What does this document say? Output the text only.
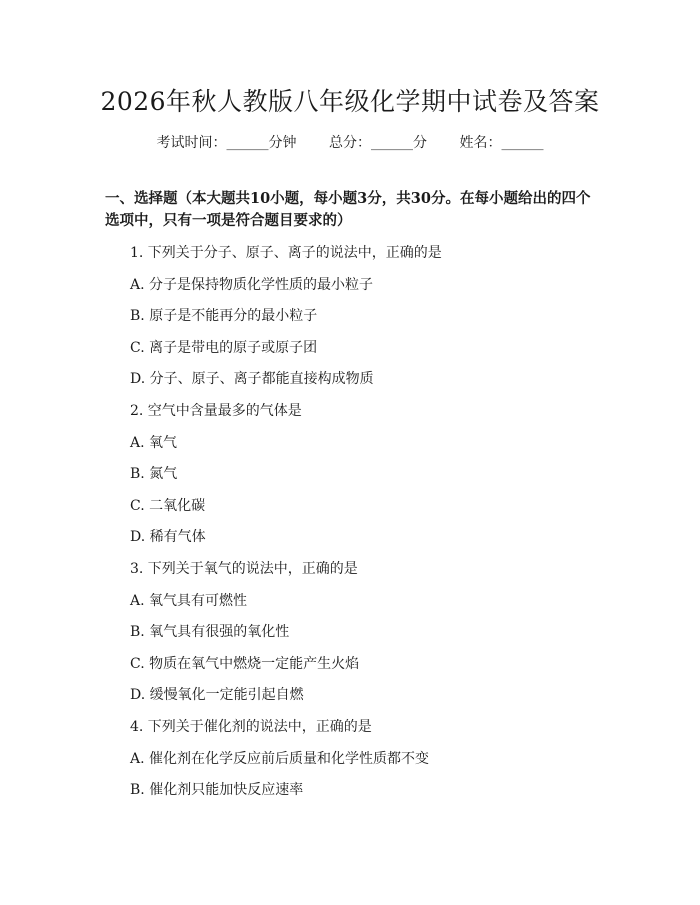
2026年秋人教版八年级化学期中试卷及答案
考试时间：______分钟 总分：______分 姓名：______
一、选择题（本大题共10小题，每小题3分，共30分。在每小题给出的四个选项中，只有一项是符合题目要求的）
1. 下列关于分子、原子、离子的说法中，正确的是
A. 分子是保持物质化学性质的最小粒子
B. 原子是不能再分的最小粒子
C. 离子是带电的原子或原子团
D. 分子、原子、离子都能直接构成物质
2. 空气中含量最多的气体是
A. 氧气
B. 氮气
C. 二氧化碳
D. 稀有气体
3. 下列关于氧气的说法中，正确的是
A. 氧气具有可燃性
B. 氧气具有很强的氧化性
C. 物质在氧气中燃烧一定能产生火焰
D. 缓慢氧化一定能引起自燃
4. 下列关于催化剂的说法中，正确的是
A. 催化剂在化学反应前后质量和化学性质都不变
B. 催化剂只能加快反应速率
